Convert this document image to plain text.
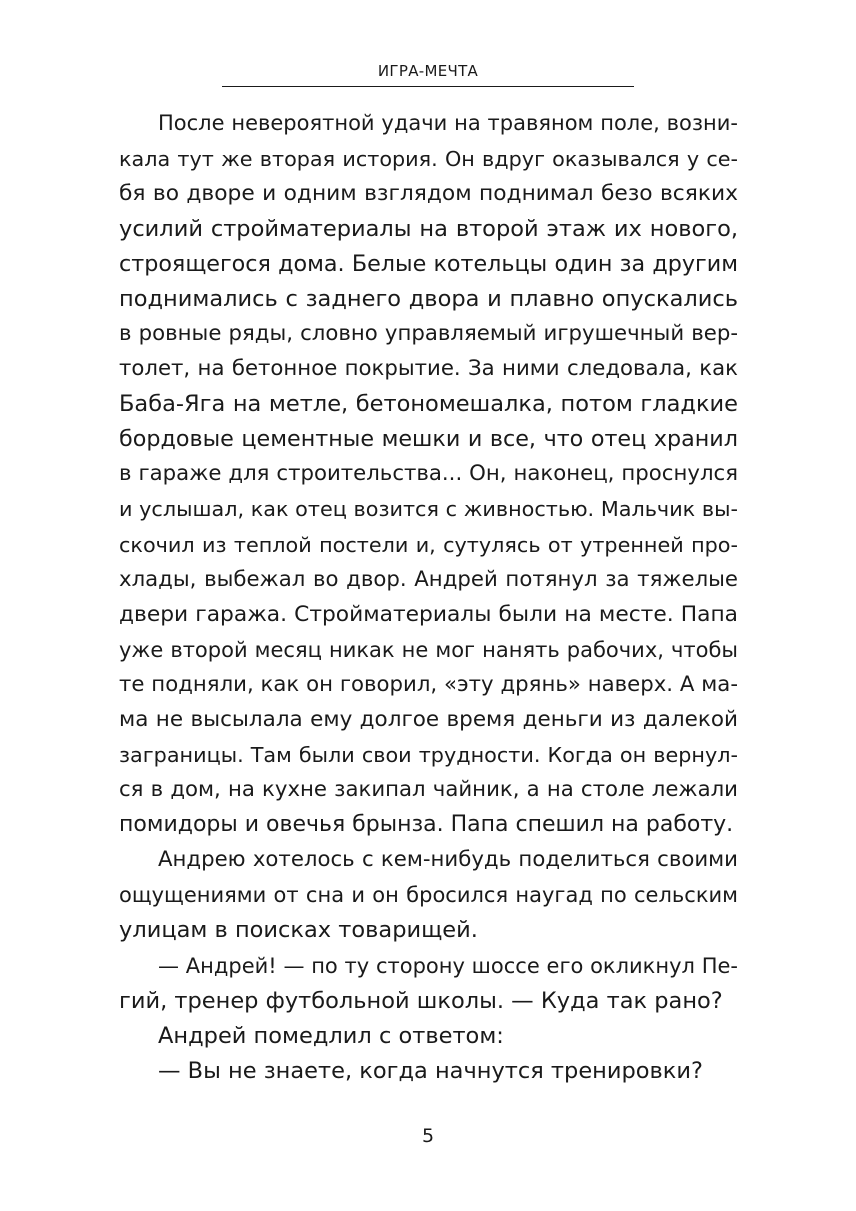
ИГРА-МЕЧТА
После невероятной удачи на травяном поле, возни-
кала тут же вторая история. Он вдруг оказывался у се-
бя во дворе и одним взглядом поднимал безо всяких
усилий стройматериалы на второй этаж их нового,
строящегося дома. Белые котельцы один за другим
поднимались с заднего двора и плавно опускались
в ровные ряды, словно управляемый игрушечный вер-
толет, на бетонное покрытие. За ними следовала, как
Баба-Яга на метле, бетономешалка, потом гладкие
бордовые цементные мешки и все, что отец хранил
в гараже для строительства... Он, наконец, проснулся
и услышал, как отец возится с живностью. Мальчик вы-
скочил из теплой постели и, сутулясь от утренней про-
хлады, выбежал во двор. Андрей потянул за тяжелые
двери гаража. Стройматериалы были на месте. Папа
уже второй месяц никак не мог нанять рабочих, чтобы
те подняли, как он говорил, «эту дрянь» наверх. А ма-
ма не высылала ему долгое время деньги из далекой
заграницы. Там были свои трудности. Когда он вернул-
ся в дом, на кухне закипал чайник, а на столе лежали
помидоры и овечья брынза. Папа спешил на работу.
Андрею хотелось с кем-нибудь поделиться своими
ощущениями от сна и он бросился наугад по сельским
улицам в поисках товарищей.
— Андрей! — по ту сторону шоссе его окликнул Пе-
гий, тренер футбольной школы. — Куда так рано?
Андрей помедлил с ответом:
— Вы не знаете, когда начнутся тренировки?
5
